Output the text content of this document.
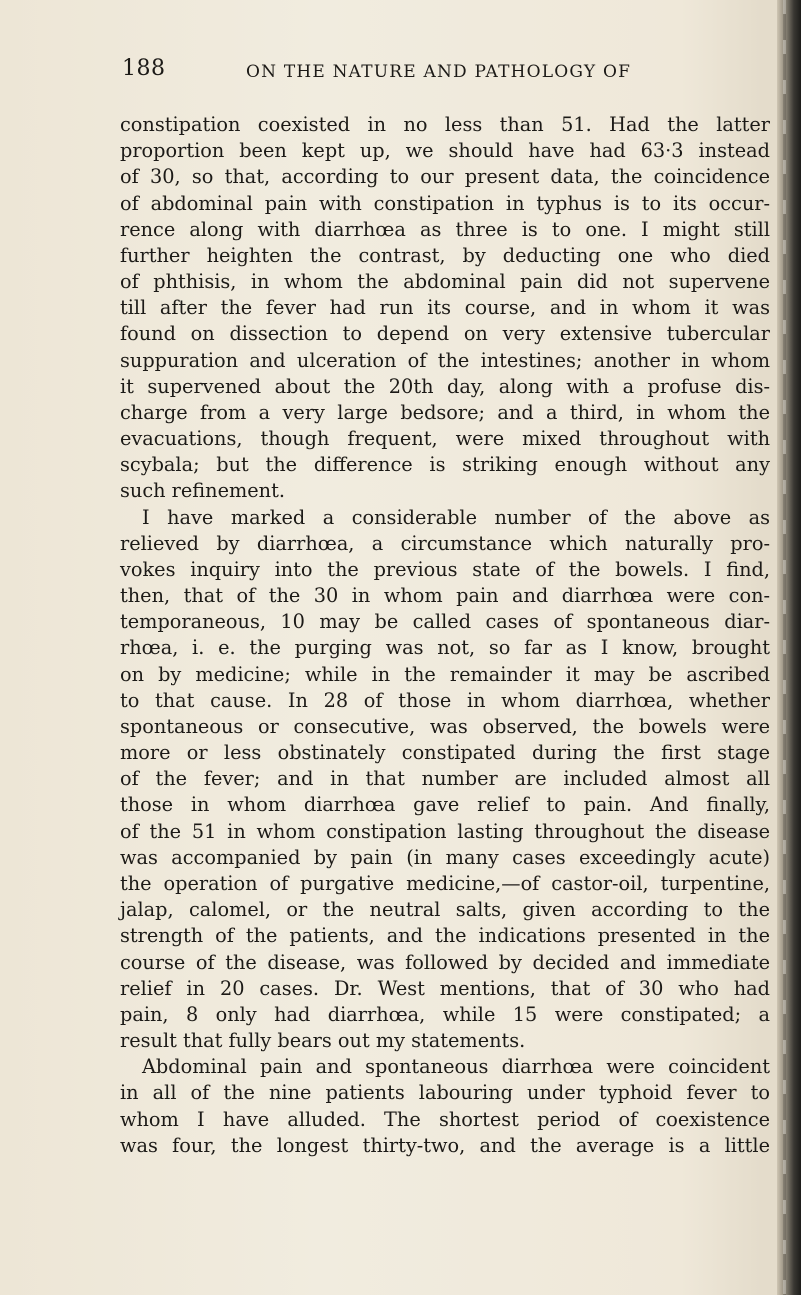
188	ON THE NATURE AND PATHOLOGY OF
constipation coexisted in no less than 51. Had the latter
proportion been kept up, we should have had 63·3 instead
of 30, so that, according to our present data, the coincidence
of abdominal pain with constipation in typhus is to its occur-
rence along with diarrhœa as three is to one. I might still
further heighten the contrast, by deducting one who died
of phthisis, in whom the abdominal pain did not supervene
till after the fever had run its course, and in whom it was
found on dissection to depend on very extensive tubercular
suppuration and ulceration of the intestines; another in whom
it supervened about the 20th day, along with a profuse dis-
charge from a very large bedsore; and a third, in whom the
evacuations, though frequent, were mixed throughout with
scybala; but the difference is striking enough without any
such refinement.
I have marked a considerable number of the above as
relieved by diarrhœa, a circumstance which naturally pro-
vokes inquiry into the previous state of the bowels. I find,
then, that of the 30 in whom pain and diarrhœa were con-
temporaneous, 10 may be called cases of spontaneous diar-
rhœa, i. e. the purging was not, so far as I know, brought
on by medicine; while in the remainder it may be ascribed
to that cause. In 28 of those in whom diarrhœa, whether
spontaneous or consecutive, was observed, the bowels were
more or less obstinately constipated during the first stage
of the fever; and in that number are included almost all
those in whom diarrhœa gave relief to pain. And finally,
of the 51 in whom constipation lasting throughout the disease
was accompanied by pain (in many cases exceedingly acute)
the operation of purgative medicine,—of castor-oil, turpentine,
jalap, calomel, or the neutral salts, given according to the
strength of the patients, and the indications presented in the
course of the disease, was followed by decided and immediate
relief in 20 cases. Dr. West mentions, that of 30 who had
pain, 8 only had diarrhœa, while 15 were constipated; a
result that fully bears out my statements.
Abdominal pain and spontaneous diarrhœa were coincident
in all of the nine patients labouring under typhoid fever to
whom I have alluded. The shortest period of coexistence
was four, the longest thirty-two, and the average is a little
